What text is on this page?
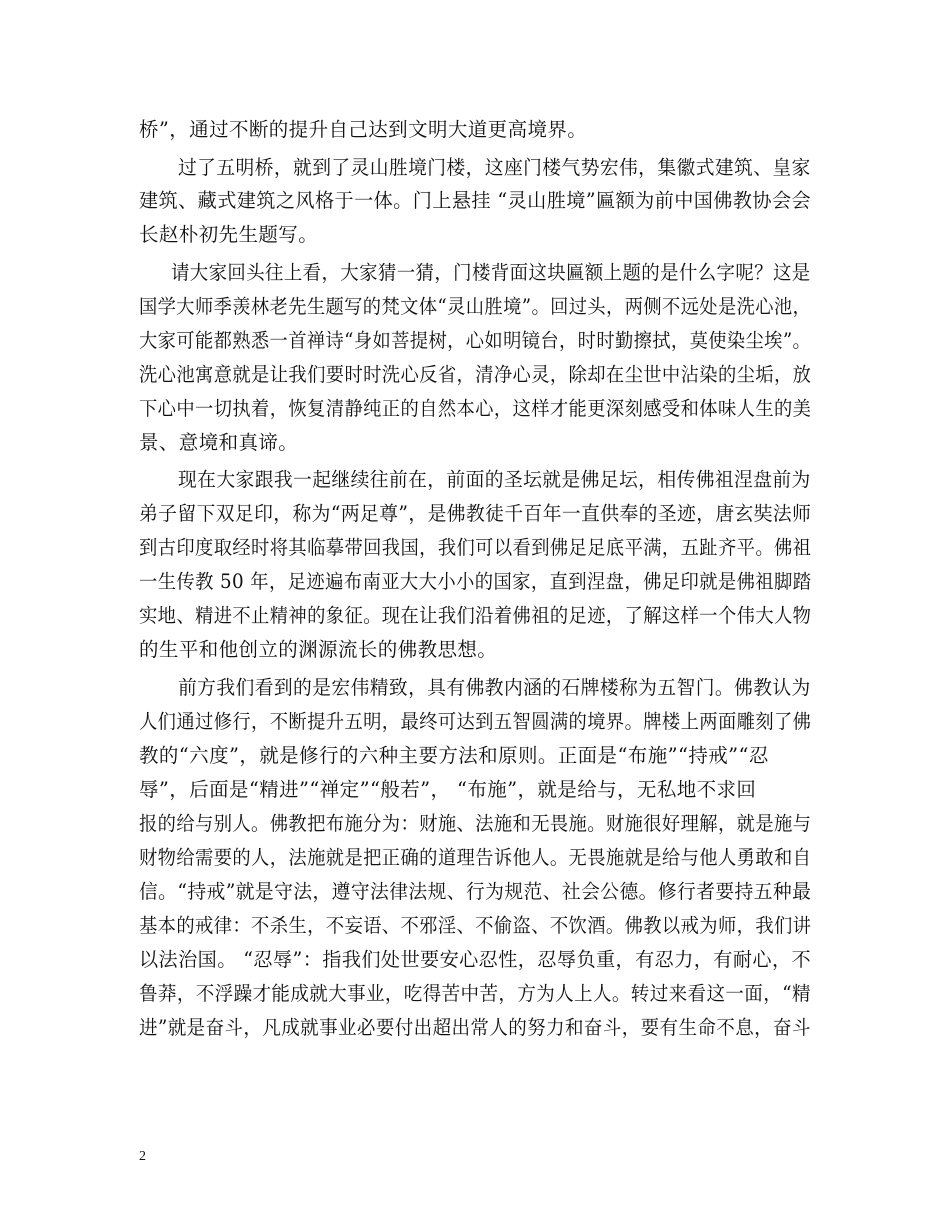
桥”，通过不断的提升自己达到文明大道更高境界。
过了五明桥，就到了灵山胜境门楼，这座门楼气势宏伟，集徽式建筑、皇家
建筑、藏式建筑之风格于一体。门上悬挂 “灵山胜境”匾额为前中国佛教协会会
长赵朴初先生题写。
请大家回头往上看，大家猜一猜，门楼背面这块匾额上题的是什么字呢？这是
国学大师季羡林老先生题写的梵文体“灵山胜境”。回过头，两侧不远处是洗心池，
大家可能都熟悉一首禅诗“身如菩提树，心如明镜台，时时勤擦拭，莫使染尘埃”。
洗心池寓意就是让我们要时时洗心反省，清净心灵，除却在尘世中沾染的尘垢，放
下心中一切执着，恢复清静纯正的自然本心，这样才能更深刻感受和体味人生的美
景、意境和真谛。
现在大家跟我一起继续往前在，前面的圣坛就是佛足坛，相传佛祖涅盘前为
弟子留下双足印，称为“两足尊”，是佛教徒千百年一直供奉的圣迹，唐玄奘法师
到古印度取经时将其临摹带回我国，我们可以看到佛足足底平满，五趾齐平。佛祖
一生传教 50 年，足迹遍布南亚大大小小的国家，直到涅盘，佛足印就是佛祖脚踏
实地、精进不止精神的象征。现在让我们沿着佛祖的足迹，了解这样一个伟大人物
的生平和他创立的渊源流长的佛教思想。
前方我们看到的是宏伟精致，具有佛教内涵的石牌楼称为五智门。佛教认为
人们通过修行，不断提升五明，最终可达到五智圆满的境界。牌楼上两面雕刻了佛
教的“六度”，就是修行的六种主要方法和原则。正面是“布施”“持戒”“忍
辱”，后面是“精进”“禅定”“般若”， “布施”，就是给与，无私地不求回
报的给与别人。佛教把布施分为：财施、法施和无畏施。财施很好理解，就是施与
财物给需要的人，法施就是把正确的道理告诉他人。无畏施就是给与他人勇敢和自
信。“持戒”就是守法，遵守法律法规、行为规范、社会公德。修行者要持五种最
基本的戒律：不杀生，不妄语、不邪淫、不偷盗、不饮酒。佛教以戒为师，我们讲
以法治国。 “忍辱”：指我们处世要安心忍性，忍辱负重，有忍力，有耐心，不
鲁莽，不浮躁才能成就大事业，吃得苦中苦，方为人上人。转过来看这一面，“精
进”就是奋斗，凡成就事业必要付出超出常人的努力和奋斗，要有生命不息，奋斗
2
